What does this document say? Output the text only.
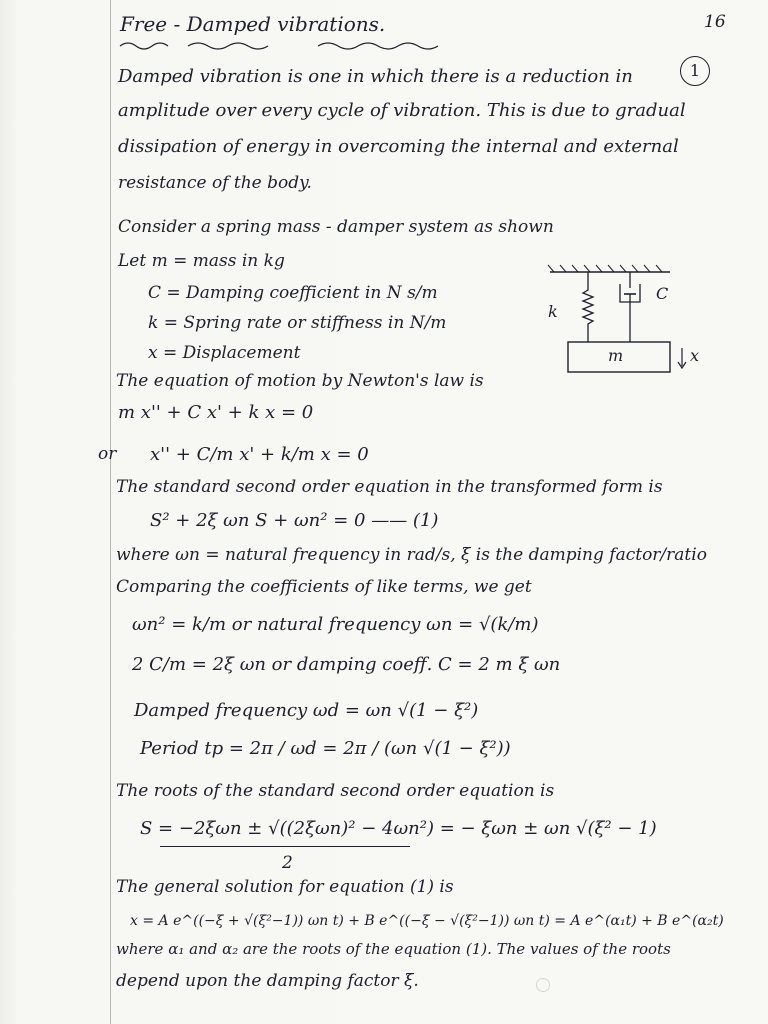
Free - Damped vibrations.	16
1
Damped vibration is one in which there is a reduction in
amplitude over every cycle of vibration. This is due to gradual
dissipation of energy in overcoming the internal and external
resistance of the body.
Consider a spring mass - damper system as shown
Let m = mass in kg
C = Damping coefficient in N s/m
k = Spring rate or stiffness in N/m
x = Displacement
k
C
m	x
The equation of motion by Newton's law is
m x'' + C x' + k x = 0
or x'' + C/m x' + k/m x = 0
The standard second order equation in the transformed form is
S² + 2ξ ωn S + ωn² = 0 —— (1)
where ωn = natural frequency in rad/s, ξ is the damping factor/ratio
Comparing the coefficients of like terms, we get
ωn² = k/m or natural frequency ωn = √(k/m)
2 C/m = 2ξ ωn or damping coeff. C = 2 m ξ ωn
Damped frequency ωd = ωn √(1 − ξ²)
Period tp = 2π / ωd = 2π / (ωn √(1 − ξ²))
The roots of the standard second order equation is
S = −2ξωn ± √((2ξωn)² − 4ωn²) = − ξωn ± ωn √(ξ² − 1)
2
The general solution for equation (1) is
x = A e^((−ξ + √(ξ²−1)) ωn t) + B e^((−ξ − √(ξ²−1)) ωn t) = A e^(α₁t) + B e^(α₂t)
where α₁ and α₂ are the roots of the equation (1). The values of the roots
depend upon the damping factor ξ.
